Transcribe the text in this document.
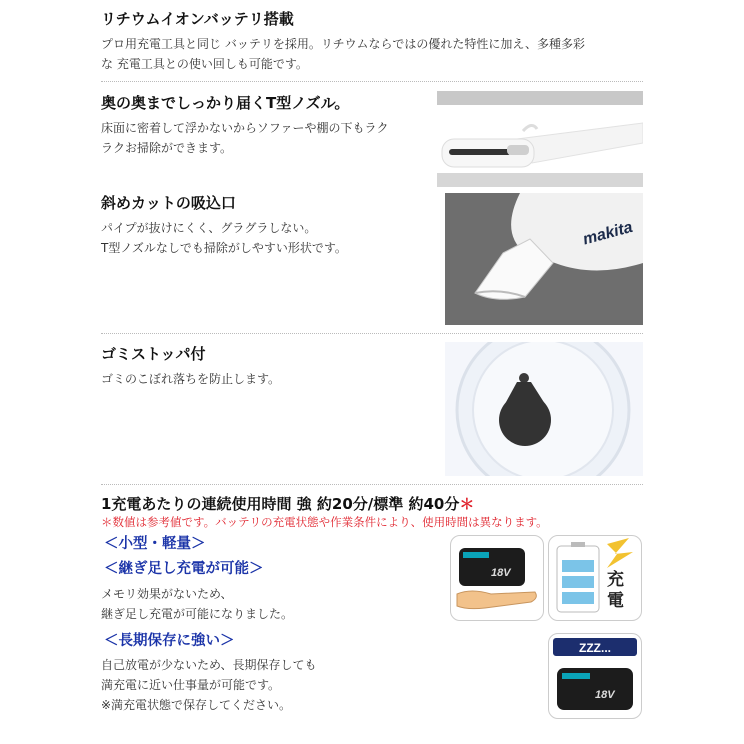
リチウムイオンバッテリ搭載
プロ用充電工具と同じ バッテリを採用。リチウムならではの優れた特性に加え、多種多彩
な 充電工具との使い回しも可能です。
奥の奥までしっかり届くT型ノズル。
床面に密着して浮かないからソファーや棚の下もラク
ラクお掃除ができます。
斜めカットの吸込口
パイプが抜けにくく、グラグラしない。
T型ノズルなしでも掃除がしやすい形状です。	makita
ゴミストッパ付
ゴミのこぼれ落ちを防止します。
1充電あたりの連続使用時間 強 約20分/標準 約40分＊
＊数値は参考値です。バッテリの充電状態や作業条件により、使用時間は異なります。
＜小型・軽量＞
＜継ぎ足し充電が可能＞
メモリ効果がないため、
継ぎ足し充電が可能になりました。
＜長期保存に強い＞
自己放電が少ないため、長期保存しても
満充電に近い仕事量が可能です。
※満充電状態で保存してください。
18V	充
電
ZZZ...
18V
